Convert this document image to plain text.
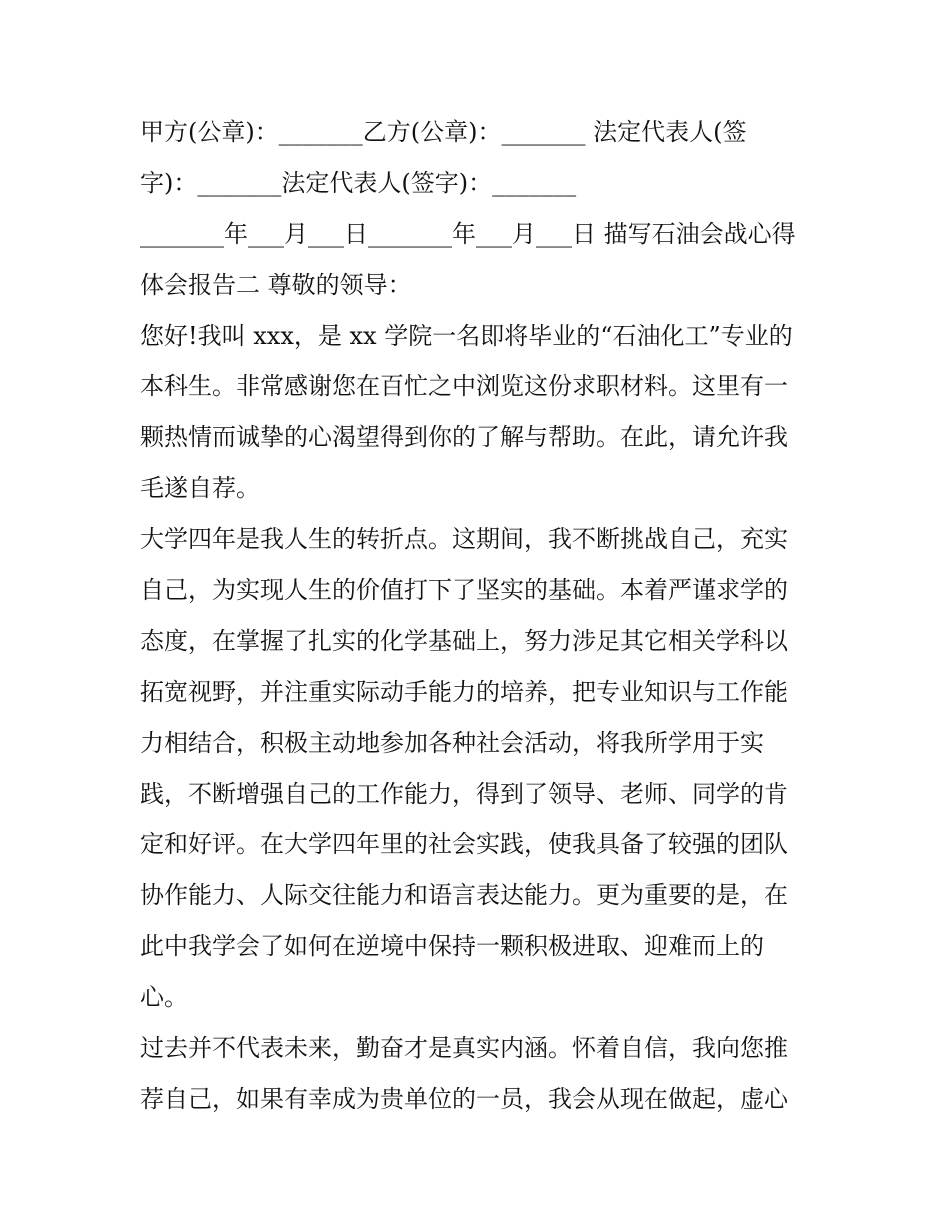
甲方(公章)：_______乙方(公章)：_______ 法定代表人(签
字)：_______法定代表人(签字)：_______
_______年___月___日_______年___月___日 描写石油会战心得
体会报告二 尊敬的领导：
您好!我叫 xxx，是 xx 学院一名即将毕业的“石油化工”专业的
本科生。非常感谢您在百忙之中浏览这份求职材料。这里有一
颗热情而诚挚的心渴望得到你的了解与帮助。在此，请允许我
毛遂自荐。
大学四年是我人生的转折点。这期间，我不断挑战自己，充实
自己，为实现人生的价值打下了坚实的基础。本着严谨求学的
态度，在掌握了扎实的化学基础上，努力涉足其它相关学科以
拓宽视野，并注重实际动手能力的培养，把专业知识与工作能
力相结合，积极主动地参加各种社会活动，将我所学用于实
践，不断增强自己的工作能力，得到了领导、老师、同学的肯
定和好评。在大学四年里的社会实践，使我具备了较强的团队
协作能力、人际交往能力和语言表达能力。更为重要的是，在
此中我学会了如何在逆境中保持一颗积极进取、迎难而上的
心。
过去并不代表未来，勤奋才是真实内涵。怀着自信，我向您推
荐自己，如果有幸成为贵单位的一员，我会从现在做起，虚心
